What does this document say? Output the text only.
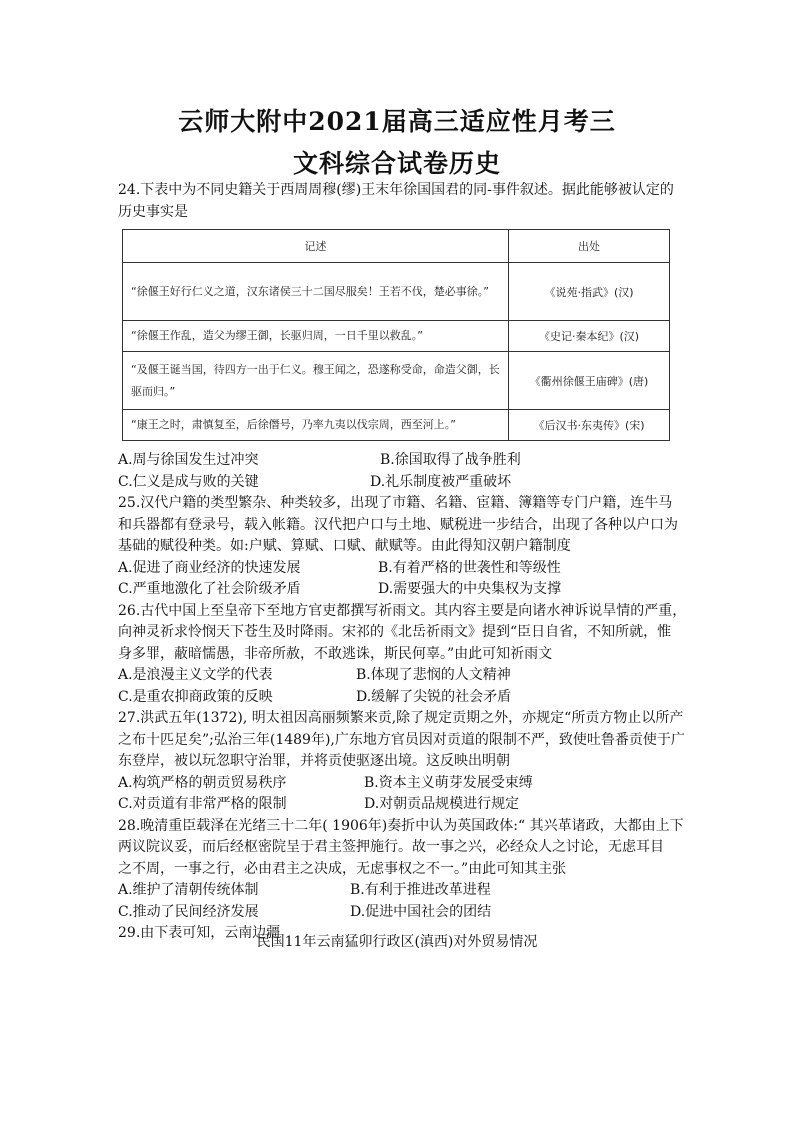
云师大附中2021届高三适应性月考三
文科综合试卷历史
24.下表中为不同史籍关于西周周穆(缪)王末年徐国国君的同-事件叙述。据此能够被认定的
历史事实是
记述	出处
“徐偃王好行仁义之道，汉东诸侯三十二国尽服矣！王若不伐，楚必事徐。”	《说苑·指武》(汉)
“徐偃王作乱，造父为缪王御，长驱归周，一日千里以救乱。”	《史记·秦本纪》(汉)
“及偃王诞当国，待四方一出于仁义。穆王闻之，恐遂称受命，命造父御，长驱而归。”	《衢州徐偃王庙碑》(唐)
“康王之时，肃慎复至，后徐僭号，乃率九夷以伐宗周，西至河上。”	《后汉书·东夷传》(宋)
A.周与徐国发生过冲突	B.徐国取得了战争胜利
C.仁义是成与败的关键	D.礼乐制度被严重破坏
25.汉代户籍的类型繁杂、种类较多，出现了市籍、名籍、宦籍、簿籍等专门户籍，连牛马
和兵器都有登录号，载入帐籍。汉代把户口与土地、赋税进一步结合，出现了各种以户口为
基础的赋役种类。如:户赋、算赋、口赋、献赋等。由此得知汉朝户籍制度
A.促进了商业经济的快速发展	B.有着严格的世袭性和等级性
C.严重地激化了社会阶级矛盾	D.需要强大的中央集权为支撑
26.古代中国上至皇帝下至地方官吏都撰写祈雨文。其内容主要是向诸水神诉说旱情的严重，
向神灵祈求怜悯天下苍生及时降雨。宋祁的《北岳祈雨文》提到“臣日自省，不知所就，惟
身多罪，蔽暗懦愚，非帝所赦，不敢逃诛，斯民何辜。”由此可知祈雨文
A.是浪漫主义文学的代表	B.体现了悲悯的人文精神
C.是重农抑商政策的反映	D.缓解了尖锐的社会矛盾
27.洪武五年(1372), 明太祖因高丽频繁来贡,除了规定贡期之外，亦规定“所贡方物止以所产
之布十匹足矣”;弘治三年(1489年),广东地方官员因对贡道的限制不严，致使吐鲁番贡使于广
东登岸，被以玩忽职守治罪，并将贡使驱逐出境。这反映出明朝
A.构筑严格的朝贡贸易秩序	B.资本主义萌芽发展受束缚
C.对贡道有非常严格的限制	D.对朝贡品规模进行规定
28.晚清重臣载泽在光绪三十二年( 1906年)奏折中认为英国政体:“ 其兴革诸政，大都由上下
两议院议妥，而后经枢密院呈于君主签押施行。故一事之兴，必经众人之讨论，无虑耳目
之不周，一事之行，必由君主之决成，无虑事权之不一。”由此可知其主张
A.维护了清朝传统体制	B.有利于推进改革进程
C.推动了民间经济发展	D.促进中国社会的团结
29.由下表可知，云南边疆
民国11年云南猛卯行政区(滇西)对外贸易情况
